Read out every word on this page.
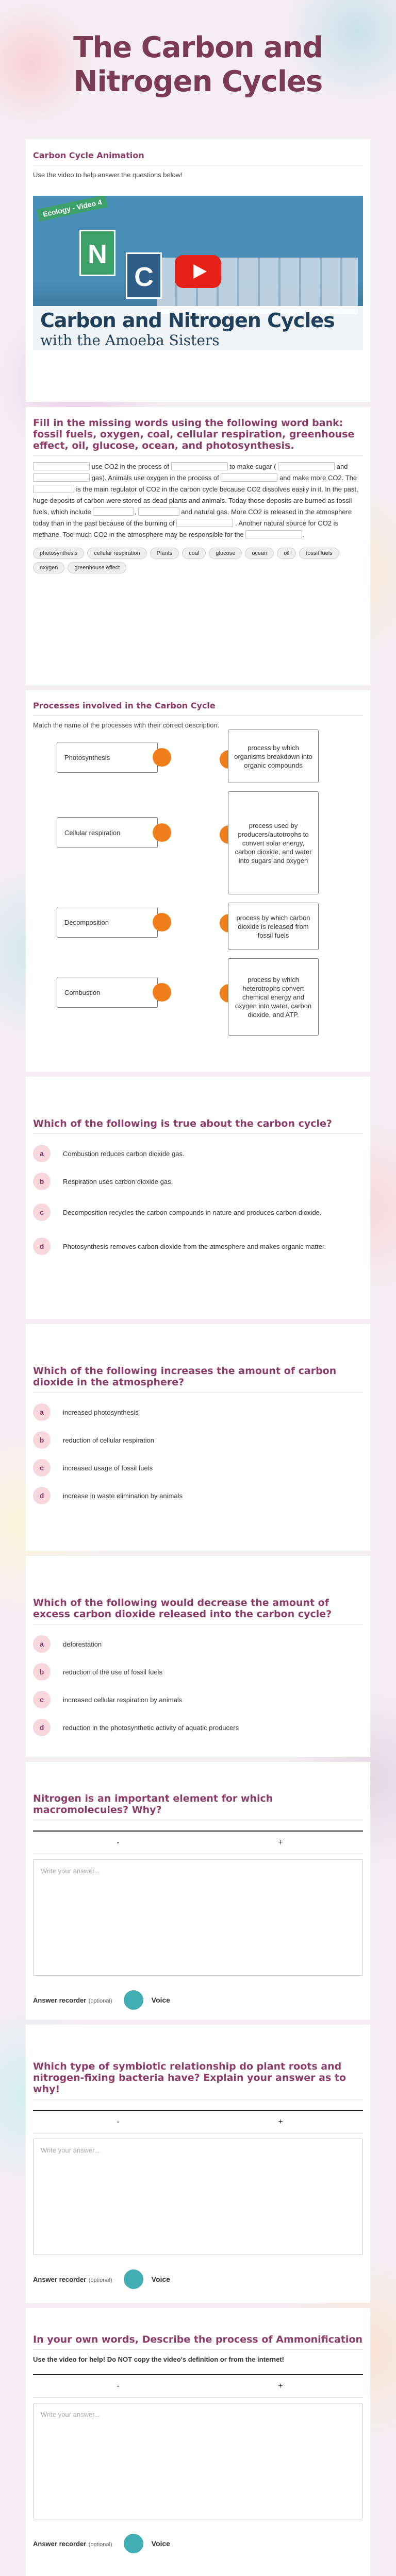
The Carbon and Nitrogen Cycles
Carbon Cycle Animation
Use the video to help answer the questions below!
Ecology - Video 4
N
C
Carbon and Nitrogen Cycles
with the Amoeba Sisters
Fill in the missing words using the following word bank: fossil fuels, oxygen, coal, cellular respiration, greenhouse effect, oil, glucose, ocean, and photosynthesis.
use CO2 in the process of	to make sugar (	and  gas). Animals use oxygen in the process of	and make more CO2. The  is the main regulator of CO2 in the carbon cycle because CO2 dissolves easily in it. In the past, huge deposits of carbon were stored as dead plants and animals. Today those deposits are burned as fossil fuels, which include	,	and natural gas. More CO2 is released in the atmosphere today than in the past because of the burning of	. Another natural source for CO2 is methane. Too much CO2 in the atmosphere may be responsible for the	.
photosynthesis	cellular respiration	Plants	coal	glucose	ocean	oil	fossil fuels
oxygen	greenhouse effect
Processes involved in the Carbon Cycle
Match the name of the processes with their correct description.
Photosynthesis
Cellular respiration
Decomposition
Combustion
process by which organisms breakdown into organic compounds
process used by producers/autotrophs to convert solar energy, carbon dioxide, and water into sugars and oxygen
process by which carbon dioxide is released from fossil fuels
process by which heterotrophs convert chemical energy and oxygen into water, carbon dioxide, and ATP.
Which of the following is true about the carbon cycle?
a	Combustion reduces carbon dioxide gas.
b	Respiration uses carbon dioxide gas.
c	Decomposition recycles the carbon compounds in nature and produces carbon dioxide.
d	Photosynthesis removes carbon dioxide from the atmosphere and makes organic matter.
Which of the following increases the amount of carbon dioxide in the atmosphere?
a	increased photosynthesis
b	reduction of cellular respiration
c	increased usage of fossil fuels
d	increase in waste elimination by animals
Which of the following would decrease the amount of excess carbon dioxide released into the carbon cycle?
a	deforestation
b	reduction of the use of fossil fuels
c	increased cellular respiration by animals
d	reduction in the photosynthetic activity of aquatic producers
Nitrogen is an important element for which macromolecules? Why?
-	+
Write your answer...
Answer recorder
(optional)	Voice
Which type of symbiotic relationship do plant roots and nitrogen-fixing bacteria have? Explain your answer as to why!
-	+
Write your answer...
Answer recorder
(optional)	Voice
In your own words, Describe the process of Ammonification
Use the video for help! Do NOT copy the video's definition or from the internet!
-	+
Write your answer...
Answer recorder
(optional)	Voice
